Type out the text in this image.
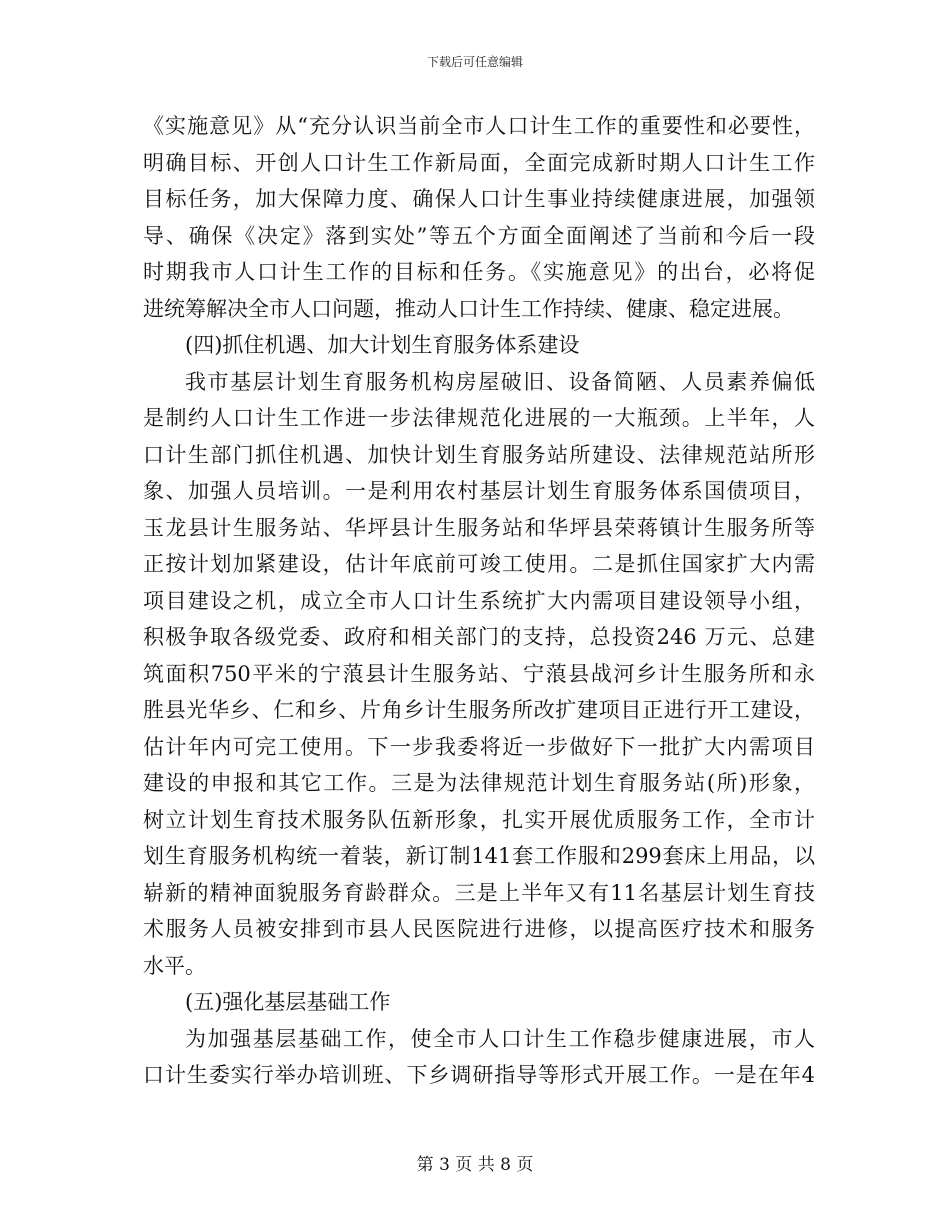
下载后可任意编辑
《实施意见》从“充分认识当前全市人口计生工作的重要性和必要性，
明确目标、开创人口计生工作新局面，全面完成新时期人口计生工作
目标任务，加大保障力度、确保人口计生事业持续健康进展，加强领
导、确保《决定》落到实处”等五个方面全面阐述了当前和今后一段
时期我市人口计生工作的目标和任务。《实施意见》的出台，必将促
进统筹解决全市人口问题，推动人口计生工作持续、健康、稳定进展。
(四)抓住机遇、加大计划生育服务体系建设
我市基层计划生育服务机构房屋破旧、设备简陋、人员素养偏低
是制约人口计生工作进一步法律规范化进展的一大瓶颈。上半年，人
口计生部门抓住机遇、加快计划生育服务站所建设、法律规范站所形
象、加强人员培训。一是利用农村基层计划生育服务体系国债项目，
玉龙县计生服务站、华坪县计生服务站和华坪县荣蒋镇计生服务所等
正按计划加紧建设，估计年底前可竣工使用。二是抓住国家扩大内需
项目建设之机，成立全市人口计生系统扩大内需项目建设领导小组，
积极争取各级党委、政府和相关部门的支持，总投资246 万元、总建
筑面积750平米的宁蒗县计生服务站、宁蒗县战河乡计生服务所和永
胜县光华乡、仁和乡、片角乡计生服务所改扩建项目正进行开工建设，
估计年内可完工使用。下一步我委将近一步做好下一批扩大内需项目
建设的申报和其它工作。三是为法律规范计划生育服务站(所)形象，
树立计划生育技术服务队伍新形象，扎实开展优质服务工作，全市计
划生育服务机构统一着装，新订制141套工作服和299套床上用品，以
崭新的精神面貌服务育龄群众。三是上半年又有11名基层计划生育技
术服务人员被安排到市县人民医院进行进修，以提高医疗技术和服务
水平。
(五)强化基层基础工作
为加强基层基础工作，使全市人口计生工作稳步健康进展，市人
口计生委实行举办培训班、下乡调研指导等形式开展工作。一是在年4
第 3 页 共 8 页
